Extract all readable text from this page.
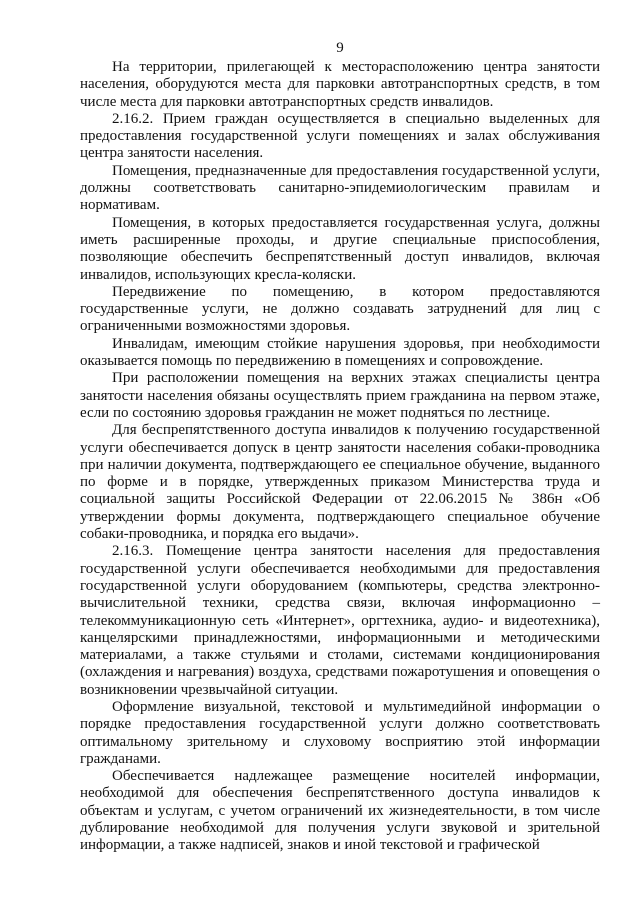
9

На территории, прилегающей к месторасположению центра занятости населения, оборудуются места для парковки автотранспортных средств, в том числе места для парковки автотранспортных средств инвалидов.

2.16.2. Прием граждан осуществляется в специально выделенных для предоставления государственной услуги помещениях и залах обслуживания центра занятости населения.

Помещения, предназначенные для предоставления государственной услуги, должны соответствовать санитарно-эпидемиологическим правилам и нормативам.

Помещения, в которых предоставляется государственная услуга, должны иметь расширенные проходы, и другие специальные приспособления, позволяющие обеспечить беспрепятственный доступ инвалидов, включая инвалидов, использующих кресла-коляски.

Передвижение по помещению, в котором предоставляются государственные услуги, не должно создавать затруднений для лиц с ограниченными возможностями здоровья.

Инвалидам, имеющим стойкие нарушения здоровья, при необходимости оказывается помощь по передвижению в помещениях и сопровождение.

При расположении помещения на верхних этажах специалисты центра занятости населения обязаны осуществлять прием гражданина на первом этаже, если по состоянию здоровья гражданин не может подняться по лестнице.

Для беспрепятственного доступа инвалидов к получению государственной услуги обеспечивается допуск в центр занятости населения собаки-проводника при наличии документа, подтверждающего ее специальное обучение, выданного по форме и в порядке, утвержденных приказом Министерства труда и социальной защиты Российской Федерации от 22.06.2015 № 386н «Об утверждении формы документа, подтверждающего специальное обучение собаки-проводника, и порядка его выдачи».

2.16.3. Помещение центра занятости населения для предоставления государственной услуги обеспечивается необходимыми для предоставления государственной услуги оборудованием (компьютеры, средства электронно-вычислительной техники, средства связи, включая информационно – телекоммуникационную сеть «Интернет», оргтехника, аудио- и видеотехника), канцелярскими принадлежностями, информационными и методическими материалами, а также стульями и столами, системами кондиционирования (охлаждения и нагревания) воздуха, средствами пожаротушения и оповещения о возникновении чрезвычайной ситуации.

Оформление визуальной, текстовой и мультимедийной информации о порядке предоставления государственной услуги должно соответствовать оптимальному зрительному и слуховому восприятию этой информации гражданами.

Обеспечивается надлежащее размещение носителей информации, необходимой для обеспечения беспрепятственного доступа инвалидов к объектам и услугам, с учетом ограничений их жизнедеятельности, в том числе дублирование необходимой для получения услуги звуковой и зрительной информации, а также надписей, знаков и иной текстовой и графической
